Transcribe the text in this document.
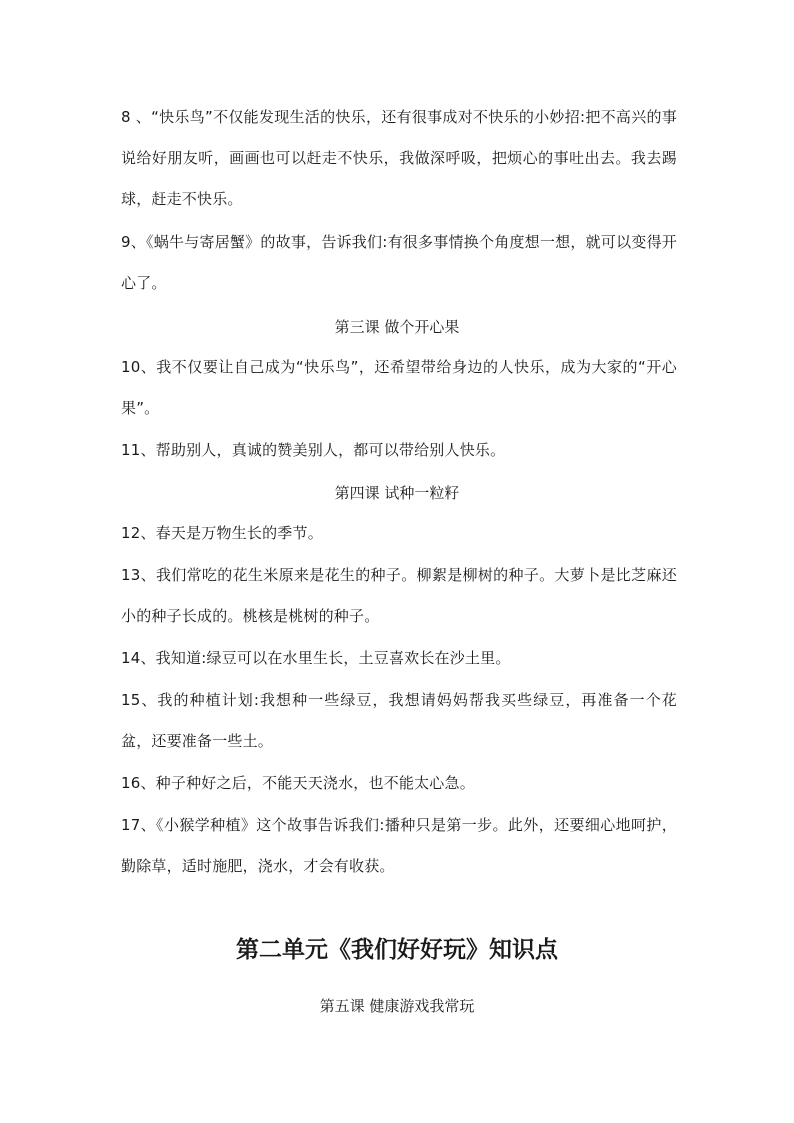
8 、“快乐鸟”不仅能发现生活的快乐，还有很事成对不快乐的小妙招:把不高兴的事说给好朋友听，画画也可以赶走不快乐，我做深呼吸，把烦心的事吐出去。我去踢球，赶走不快乐。

9、《蜗牛与寄居蟹》的故事，告诉我们:有很多事情换个角度想一想，就可以变得开心了。

第三课 做个开心果

10、我不仅要让自己成为“快乐鸟”，还希望带给身边的人快乐，成为大家的“开心果”。

11、帮助别人，真诚的赞美别人，都可以带给别人快乐。

第四课 试种一粒籽

12、春天是万物生长的季节。

13、我们常吃的花生米原来是花生的种子。柳絮是柳树的种子。大萝卜是比芝麻还小的种子长成的。桃核是桃树的种子。

14、我知道:绿豆可以在水里生长，土豆喜欢长在沙土里。

15、我的种植计划:我想种一些绿豆，我想请妈妈帮我买些绿豆，再准备一个花盆，还要准备一些土。

16、种子种好之后，不能天天浇水，也不能太心急。

17、《小猴学种植》这个故事告诉我们:播种只是第一步。此外，还要细心地呵护，勤除草，适时施肥，浇水，才会有收获。

第二单元《我们好好玩》知识点

第五课 健康游戏我常玩
